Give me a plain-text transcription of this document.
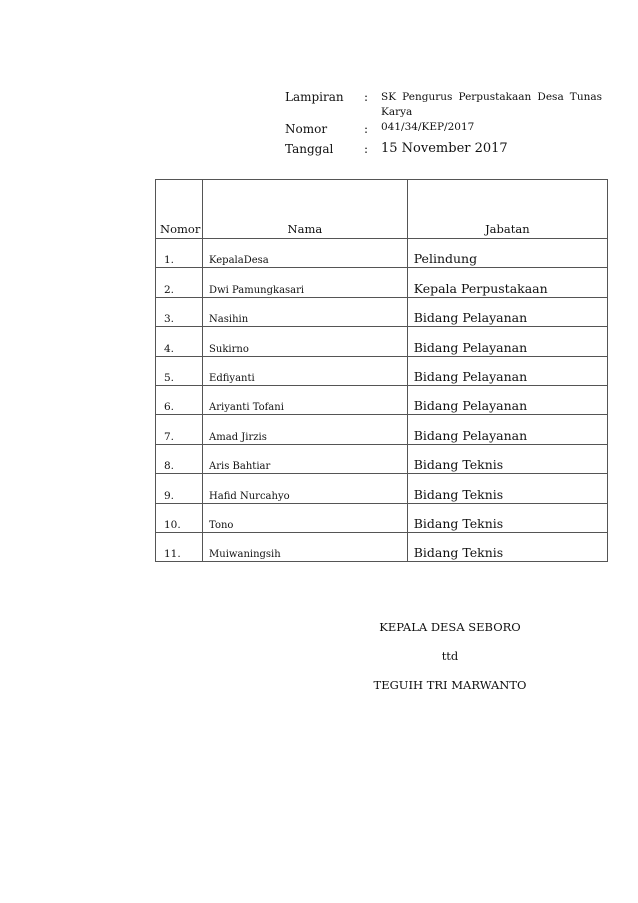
Lampiran : SK Pengurus Perpustakaan Desa Tunas Karya
Nomor	: 041/34/KEP/2017
Tanggal	: 15 November 2017
Nomor	Nama	Jabatan
1.	KepalaDesa	Pelindung
2.	Dwi Pamungkasari	Kepala Perpustakaan
3.	Nasihin	Bidang Pelayanan
4.	Sukirno	Bidang Pelayanan
5.	Edfiyanti	Bidang Pelayanan
6.	Ariyanti Tofani	Bidang Pelayanan
7.	Amad Jirzis	Bidang Pelayanan
8.	Aris Bahtiar	Bidang Teknis
9.	Hafid Nurcahyo	Bidang Teknis
10.	Tono	Bidang Teknis
11.	Muiwaningsih	Bidang Teknis
KEPALA DESA SEBORO
ttd
TEGUIH TRI MARWANTO
